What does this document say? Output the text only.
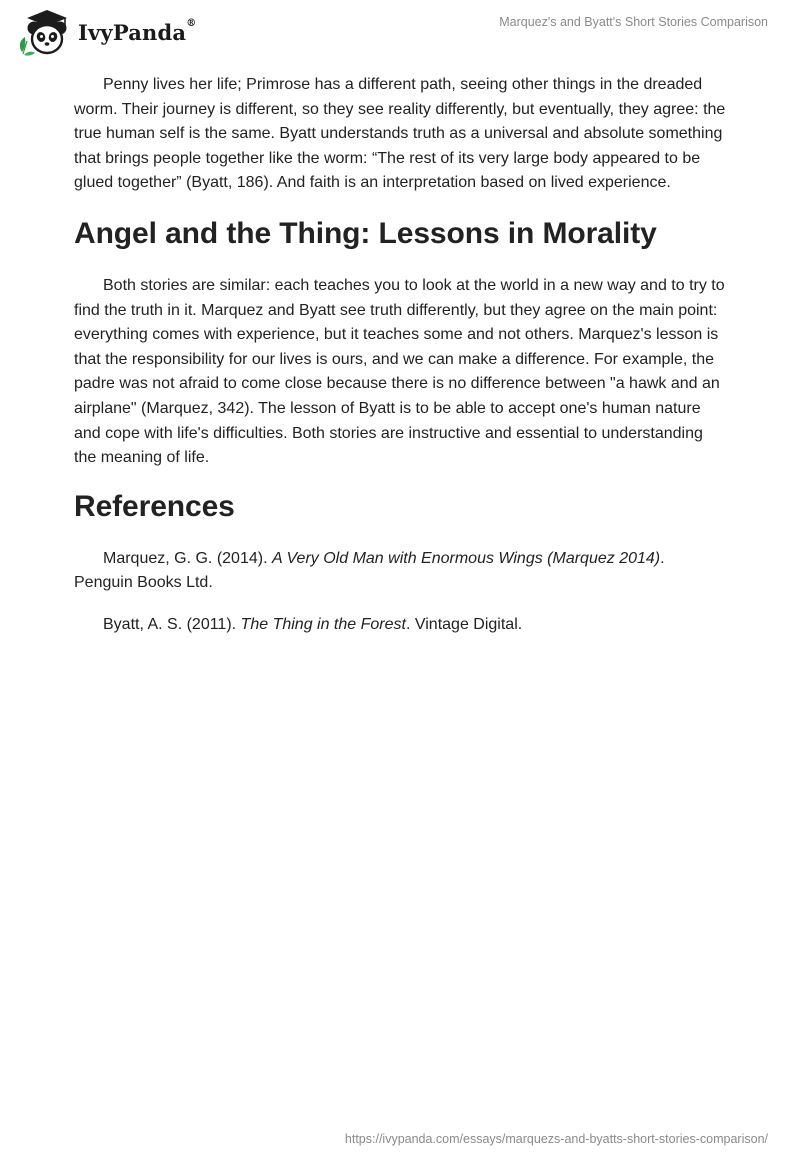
IvyPanda®	Marquez's and Byatt's Short Stories Comparison

Penny lives her life; Primrose has a different path, seeing other things in the dreaded worm. Their journey is different, so they see reality differently, but eventually, they agree: the true human self is the same. Byatt understands truth as a universal and absolute something that brings people together like the worm: “The rest of its very large body appeared to be glued together” (Byatt, 186). And faith is an interpretation based on lived experience.

Angel and the Thing: Lessons in Morality

Both stories are similar: each teaches you to look at the world in a new way and to try to find the truth in it. Marquez and Byatt see truth differently, but they agree on the main point: everything comes with experience, but it teaches some and not others. Marquez's lesson is that the responsibility for our lives is ours, and we can make a difference. For example, the padre was not afraid to come close because there is no difference between "a hawk and an airplane" (Marquez, 342). The lesson of Byatt is to be able to accept one's human nature and cope with life's difficulties. Both stories are instructive and essential to understanding the meaning of life.

References

Marquez, G. G. (2014). A Very Old Man with Enormous Wings (Marquez 2014). Penguin Books Ltd.

Byatt, A. S. (2011). The Thing in the Forest. Vintage Digital.

https://ivypanda.com/essays/marquezs-and-byatts-short-stories-comparison/
